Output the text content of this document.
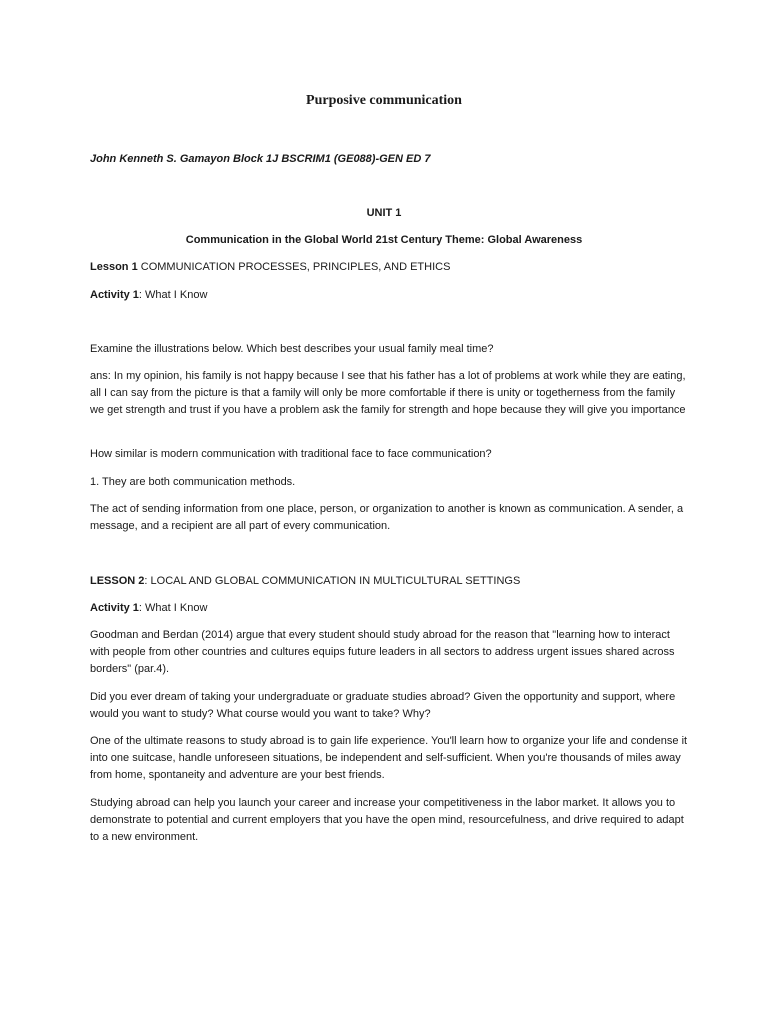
Purposive communication

John Kenneth S. Gamayon Block 1J BSCRIM1 (GE088)-GEN ED 7

UNIT 1

Communication in the Global World 21st Century Theme: Global Awareness

Lesson 1 COMMUNICATION PROCESSES, PRINCIPLES, AND ETHICS

Activity 1: What I Know

Examine the illustrations below. Which best describes your usual family meal time?

ans: In my opinion, his family is not happy because I see that his father has a lot of problems at work while they are eating, all I can say from the picture is that a family will only be more comfortable if there is unity or togetherness from the family we get strength and trust if you have a problem ask the family for strength and hope because they will give you importance

How similar is modern communication with traditional face to face communication?

1. They are both communication methods.

The act of sending information from one place, person, or organization to another is known as communication. A sender, a message, and a recipient are all part of every communication.

LESSON 2: LOCAL AND GLOBAL COMMUNICATION IN MULTICULTURAL SETTINGS

Activity 1: What I Know

Goodman and Berdan (2014) argue that every student should study abroad for the reason that "learning how to interact with people from other countries and cultures equips future leaders in all sectors to address urgent issues shared across borders" (par.4).

Did you ever dream of taking your undergraduate or graduate studies abroad? Given the opportunity and support, where would you want to study? What course would you want to take? Why?

One of the ultimate reasons to study abroad is to gain life experience. You'll learn how to organize your life and condense it into one suitcase, handle unforeseen situations, be independent and self-sufficient. When you're thousands of miles away from home, spontaneity and adventure are your best friends.

Studying abroad can help you launch your career and increase your competitiveness in the labor market. It allows you to demonstrate to potential and current employers that you have the open mind, resourcefulness, and drive required to adapt to a new environment.
